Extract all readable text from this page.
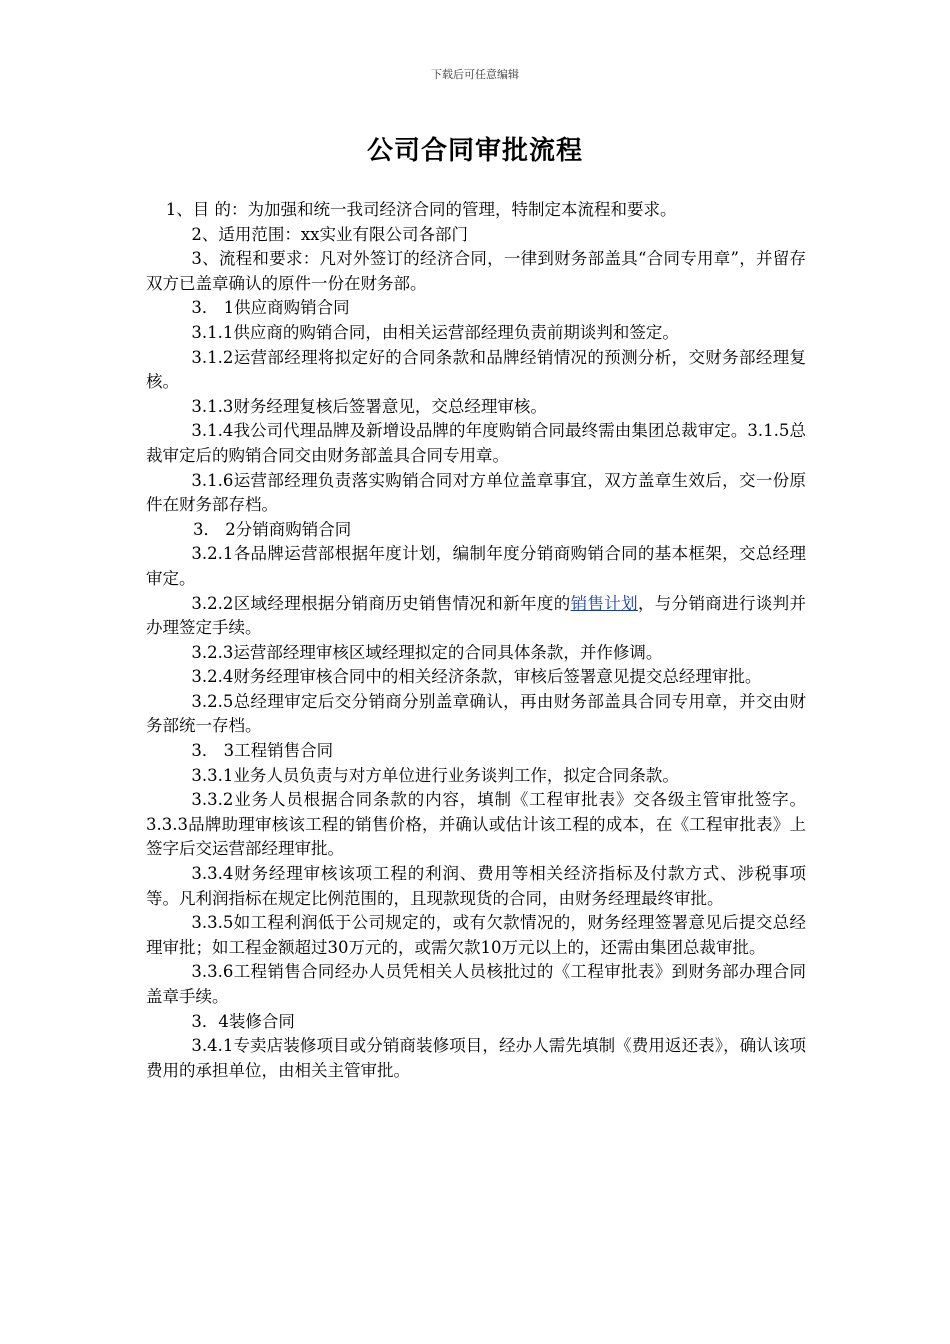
下载后可任意编辑
公司合同审批流程

1、目 的：为加强和统一我司经济合同的管理，特制定本流程和要求。

2、适用范围：xx实业有限公司各部门

3、流程和要求：凡对外签订的经济合同，一律到财务部盖具“合同专用章”，并留存双方已盖章确认的原件一份在财务部。

3． 1供应商购销合同

3.1.1供应商的购销合同，由相关运营部经理负责前期谈判和签定。

3.1.2运营部经理将拟定好的合同条款和品牌经销情况的预测分析，交财务部经理复核。

3.1.3财务经理复核后签署意见，交总经理审核。

3.1.4我公司代理品牌及新增设品牌的年度购销合同最终需由集团总裁审定。3.1.5总裁审定后的购销合同交由财务部盖具合同专用章。

3.1.6运营部经理负责落实购销合同对方单位盖章事宜，双方盖章生效后，交一份原件在财务部存档。

3． 2分销商购销合同

3.2.1各品牌运营部根据年度计划，编制年度分销商购销合同的基本框架，交总经理审定。

3.2.2区域经理根据分销商历史销售情况和新年度的销售计划，与分销商进行谈判并办理签定手续。

3.2.3运营部经理审核区域经理拟定的合同具体条款，并作修调。

3.2.4财务经理审核合同中的相关经济条款，审核后签署意见提交总经理审批。

3.2.5总经理审定后交分销商分别盖章确认，再由财务部盖具合同专用章，并交由财务部统一存档。

3． 3工程销售合同

3.3.1业务人员负责与对方单位进行业务谈判工作，拟定合同条款。

3.3.2业务人员根据合同条款的内容，填制《工程审批表》交各级主管审批签字。3.3.3品牌助理审核该工程的销售价格，并确认或估计该工程的成本，在《工程审批表》上签字后交运营部经理审批。

3.3.4财务经理审核该项工程的利润、费用等相关经济指标及付款方式、涉税事项等。凡利润指标在规定比例范围的，且现款现货的合同，由财务经理最终审批。

3.3.5如工程利润低于公司规定的，或有欠款情况的，财务经理签署意见后提交总经理审批；如工程金额超过30万元的，或需欠款10万元以上的，还需由集团总裁审批。

3.3.6工程销售合同经办人员凭相关人员核批过的《工程审批表》到财务部办理合同盖章手续。

3．4装修合同

3.4.1专卖店装修项目或分销商装修项目，经办人需先填制《费用返还表》，确认该项费用的承担单位，由相关主管审批。
